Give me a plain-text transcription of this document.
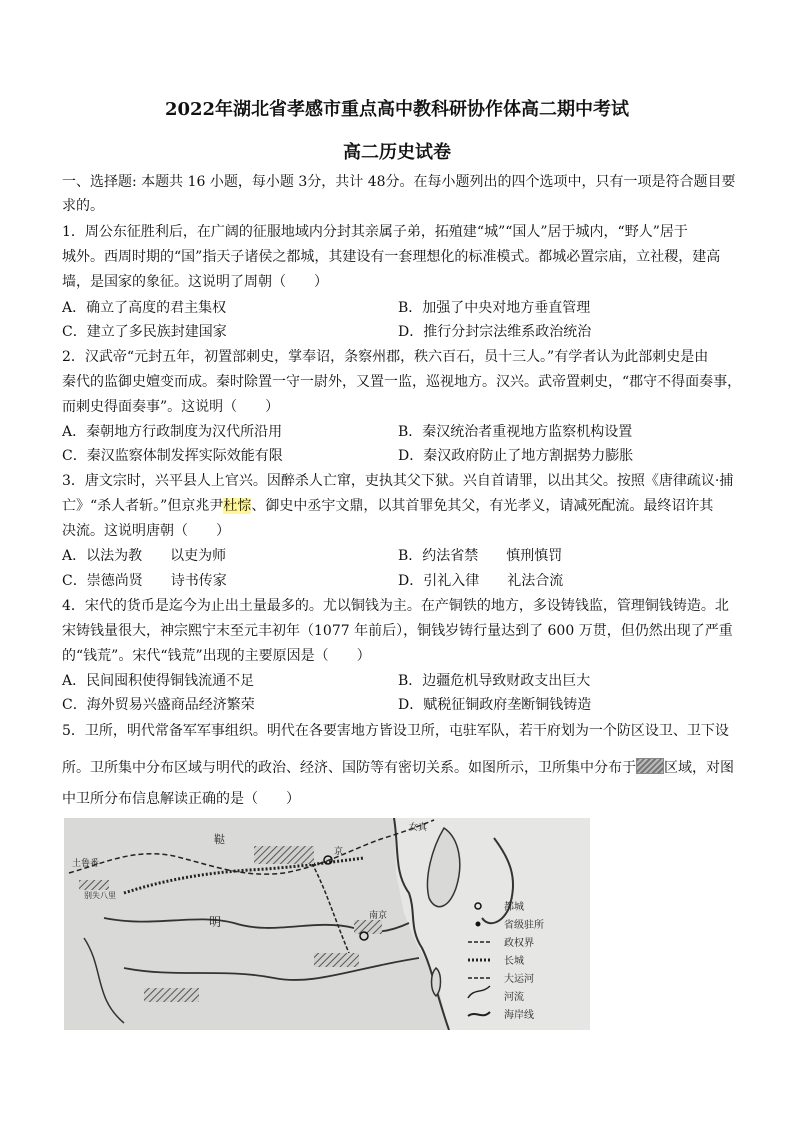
2022年湖北省孝感市重点高中教科研协作体高二期中考试
高二历史试卷
一、选择题: 本题共 16 小题，每小题 3分，共计 48分。在每小题列出的四个选项中，只有一项是符合题目要
求的。
1．周公东征胜利后，在广阔的征服地域内分封其亲属子弟，拓殖建“城”“国人”居于城内，“野人”居于
城外。西周时期的“国”指天子诸侯之都城，其建设有一套理想化的标准模式。都城必置宗庙，立社稷，建高
墙，是国家的象征。这说明了周朝（　　）
A．确立了高度的君主集权	B．加强了中央对地方垂直管理
C．建立了多民族封建国家	D．推行分封宗法维系政治统治
2．汉武帝“元封五年，初置部刺史，掌奉诏，条察州郡，秩六百石，员十三人。”有学者认为此部刺史是由
秦代的监御史嬗变而成。秦时除置一守一尉外，又置一监，巡视地方。汉兴。武帝置刺史，“郡守不得面奏事，
而刺史得面奏事”。这说明（　　）
A．秦朝地方行政制度为汉代所沿用	B．秦汉统治者重视地方监察机构设置
C．秦汉监察体制发挥实际效能有限	D．秦汉政府防止了地方割据势力膨胀
3．唐文宗时，兴平县人上官兴。因醉杀人亡窜，吏执其父下狱。兴自首请罪，以出其父。按照《唐律疏议·捕
亡》“杀人者斩。”但京兆尹杜悰、御史中丞宇文鼎，以其首罪免其父，有光孝义，请减死配流。最终诏许其
决流。这说明唐朝（　　）
A．以法为教　　以吏为师	B．约法省禁　　慎刑慎罚
C．崇德尚贤　　诗书传家	D．引礼入律　　礼法合流
4．宋代的货币是迄今为止出土量最多的。尤以铜钱为主。在产铜铁的地方，多设铸钱监，管理铜钱铸造。北
宋铸钱量很大，神宗熙宁末至元丰初年（1077 年前后），铜钱岁铸行量达到了 600 万贯，但仍然出现了严重
的“钱荒”。宋代“钱荒”出现的主要原因是（　　）
A．民间囤积使得铜钱流通不足	B．边疆危机导致财政支出巨大
C．海外贸易兴盛商品经济繁荣	D．赋税征铜政府垄断铜钱铸造
5．卫所，明代常备军军事组织。明代在各要害地方皆设卫所，屯驻军队，若干府划为一个防区设卫、卫下设
所。卫所集中分布区域与明代的政治、经济、国防等有密切关系。如图所示，卫所集中分布于 区域，对图
中卫所分布信息解读正确的是（　　）
鞑
土鲁番
别失八里
明	南京
京
女真
都城
省级驻所
政权界
长城
大运河
河流
海岸线
